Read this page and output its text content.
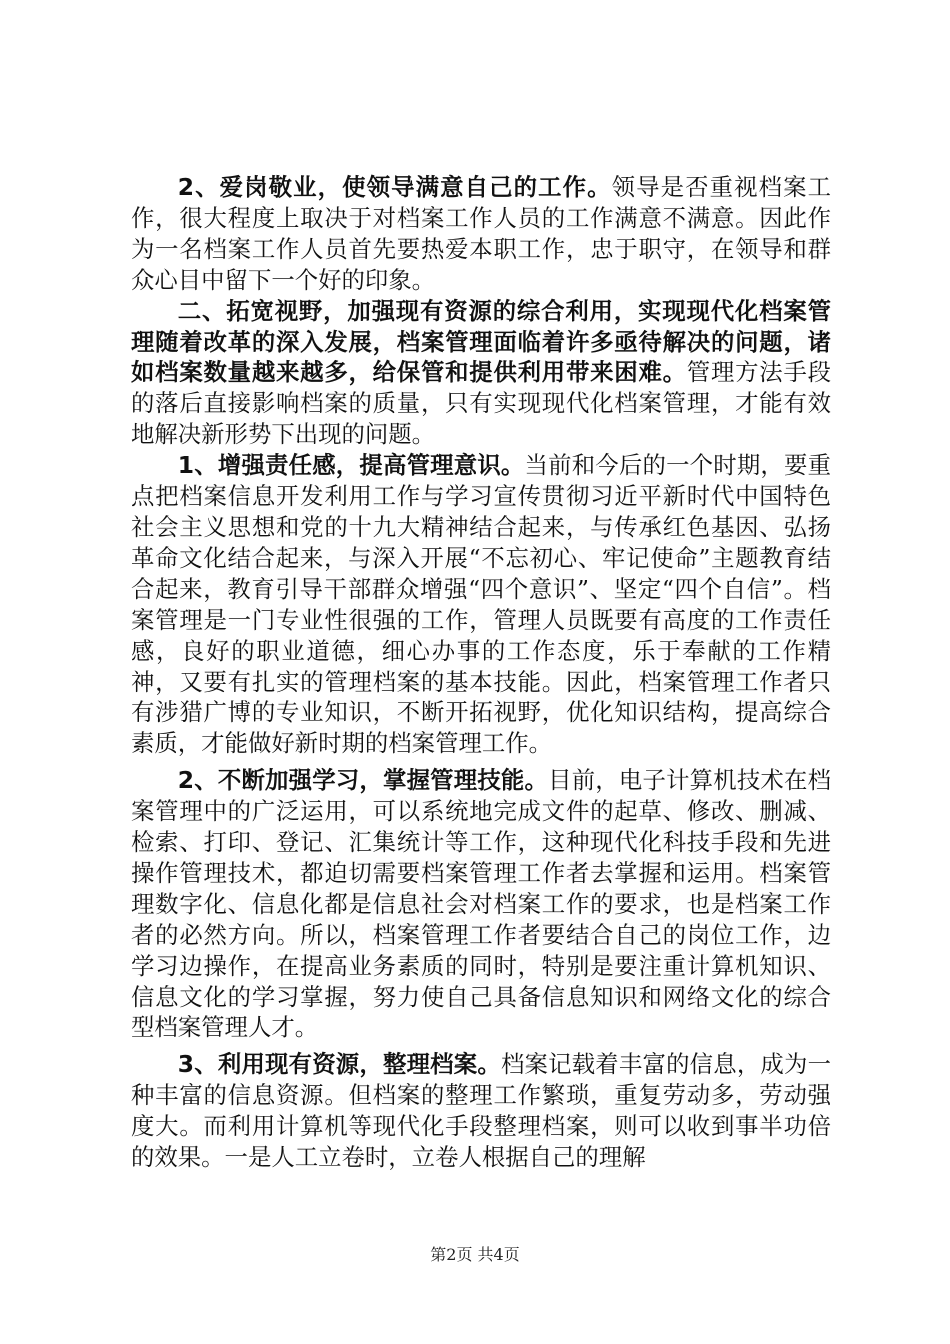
2、爱岗敬业，使领导满意自己的工作。领导是否重视档案工作，很大程度上取决于对档案工作人员的工作满意不满意。因此作为一名档案工作人员首先要热爱本职工作，忠于职守，在领导和群众心目中留下一个好的印象。

二、拓宽视野，加强现有资源的综合利用，实现现代化档案管理随着改革的深入发展，档案管理面临着许多亟待解决的问题，诸如档案数量越来越多，给保管和提供利用带来困难。管理方法手段的落后直接影响档案的质量，只有实现现代化档案管理，才能有效地解决新形势下出现的问题。

1、增强责任感，提高管理意识。当前和今后的一个时期，要重点把档案信息开发利用工作与学习宣传贯彻习近平新时代中国特色社会主义思想和党的十九大精神结合起来，与传承红色基因、弘扬革命文化结合起来，与深入开展“不忘初心、牢记使命”主题教育结合起来，教育引导干部群众增强“四个意识”、坚定“四个自信”。档案管理是一门专业性很强的工作，管理人员既要有高度的工作责任感，良好的职业道德，细心办事的工作态度，乐于奉献的工作精神，又要有扎实的管理档案的基本技能。因此，档案管理工作者只有涉猎广博的专业知识，不断开拓视野，优化知识结构，提高综合素质，才能做好新时期的档案管理工作。

2、不断加强学习，掌握管理技能。目前，电子计算机技术在档案管理中的广泛运用，可以系统地完成文件的起草、修改、删减、检索、打印、登记、汇集统计等工作，这种现代化科技手段和先进操作管理技术，都迫切需要档案管理工作者去掌握和运用。档案管理数字化、信息化都是信息社会对档案工作的要求，也是档案工作者的必然方向。所以，档案管理工作者要结合自己的岗位工作，边学习边操作，在提高业务素质的同时，特别是要注重计算机知识、信息文化的学习掌握，努力使自己具备信息知识和网络文化的综合型档案管理人才。

3、利用现有资源，整理档案。档案记载着丰富的信息，成为一种丰富的信息资源。但档案的整理工作繁琐，重复劳动多，劳动强度大。而利用计算机等现代化手段整理档案，则可以收到事半功倍的效果。一是人工立卷时，立卷人根据自己的理解

第2页 共4页
